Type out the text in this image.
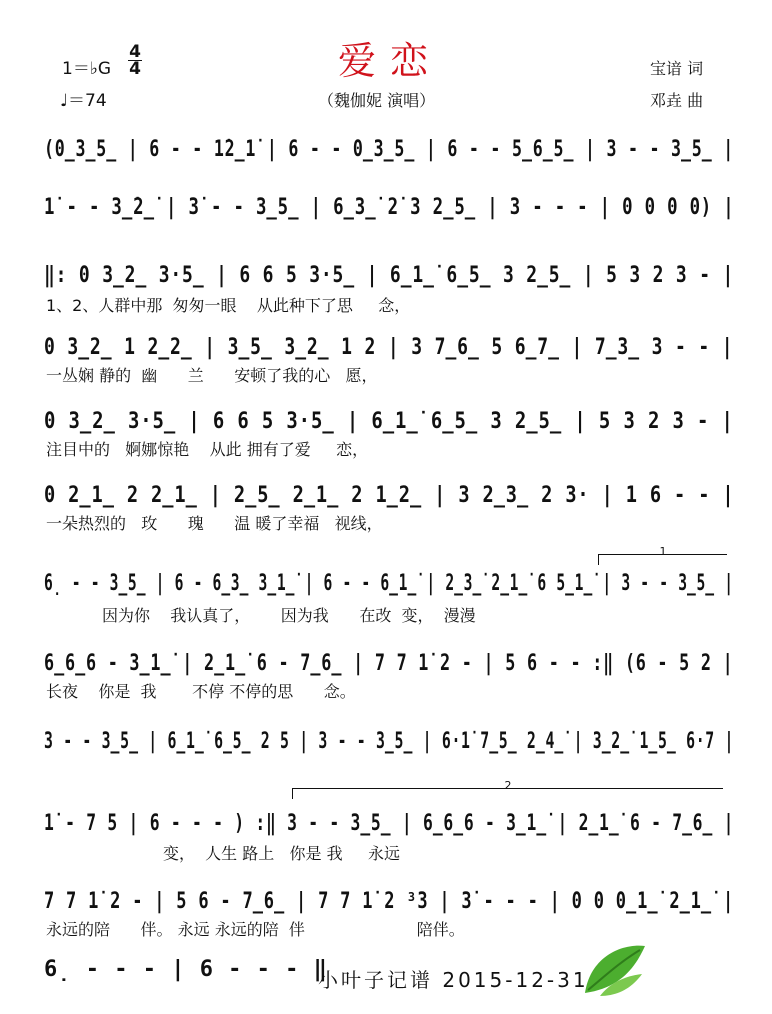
1＝♭G
4
4
♩＝74
爱恋
（魏伽妮 演唱）
宝谙 词
邓垚 曲
(0̲3̲5̲ | 6 - - 1̇2̲1̇ | 6 - - 0̲3̲5̲ | 6 - - 5̲6̲5̲ | 3 - - 3̲5̲ |
1̇ - - 3̲̇2̲̇ | 3̇ - - 3̲5̲ | 6̲3̲̇ 2̇ 3 2̲5̲ | 3 - - - | 0 0 0 0) |
‖: 0 3̲2̲ 3·5̲ | 6 6 5 3·5̲ | 6̲1̲̇ 6̲5̲ 3 2̲5̲ | 5 3 2 3 - |
1、2、人群中那  匆匆一眼    从此种下了思     念，
0 3̲2̲ 1 2̲2̲ | 3̲5̲ 3̲2̲ 1 2 | 3 7̲6̲ 5 6̲7̲ | 7̲3̲ 3 - - |
一丛娴 静的  幽      兰      安顿了我的心   愿，
0 3̲2̲ 3·5̲ | 6 6 5 3·5̲ | 6̲1̲̇ 6̲5̲ 3 2̲5̲ | 5 3 2 3 - |
注目中的   婀娜惊艳    从此 拥有了爱     恋，
0 2̲1̲ 2 2̲1̲ | 2̲5̲ 2̲1̲ 2 1̲2̲ | 3 2̲3̲ 2 3· | 1 6 - - |
一朵热烈的   玫      瑰      温 暖了幸福   视线，
6̣ - - 3̲5̲ | 6 - 6̲3̲ 3̲1̲̇ | 6 - - 6̲1̲̇ | 2̲3̲̇ 2̲1̲̇ 6 5̲1̲̇ | 3 - - 3̲5̲ |
因为你    我认真了，      因为我      在改  变，  漫漫
6̲6̲6 - 3̲1̲̇ | 2̲1̲̇ 6 - 7̲6̲ | 7 7 1̇ 2 - | 5 6 - - :‖ (6 - 5 2 |
长夜    你是  我       不停 不停的思      念。
3 - - 3̲5̲ | 6̲1̲̇ 6̲5̲ 2 5 | 3 - - 3̲5̲ | 6·1̇ 7̲5̲ 2̲4̲̇ | 3̲2̲̇ 1̲5̲ 6·7 |
1̇ - 7 5 | 6 - - - ) :‖ 3 - - 3̲5̲ | 6̲6̲6 - 3̲1̲̇ | 2̲1̲̇ 6 - 7̲6̲ |
变，  人生 路上   你是 我     永远
7 7 1̇ 2 - | 5 6 - 7̲6̲ | 7 7 1̇ 2 ³3 | 3̇ - - - | 0 0 0̲1̲̇ 2̲1̲̇ |
永远的陪      伴。 永远 永远的陪  伴                      陪伴。
6̣ - - - | 6 - - - ‖
1
2
小叶子记谱 2015-12-31
